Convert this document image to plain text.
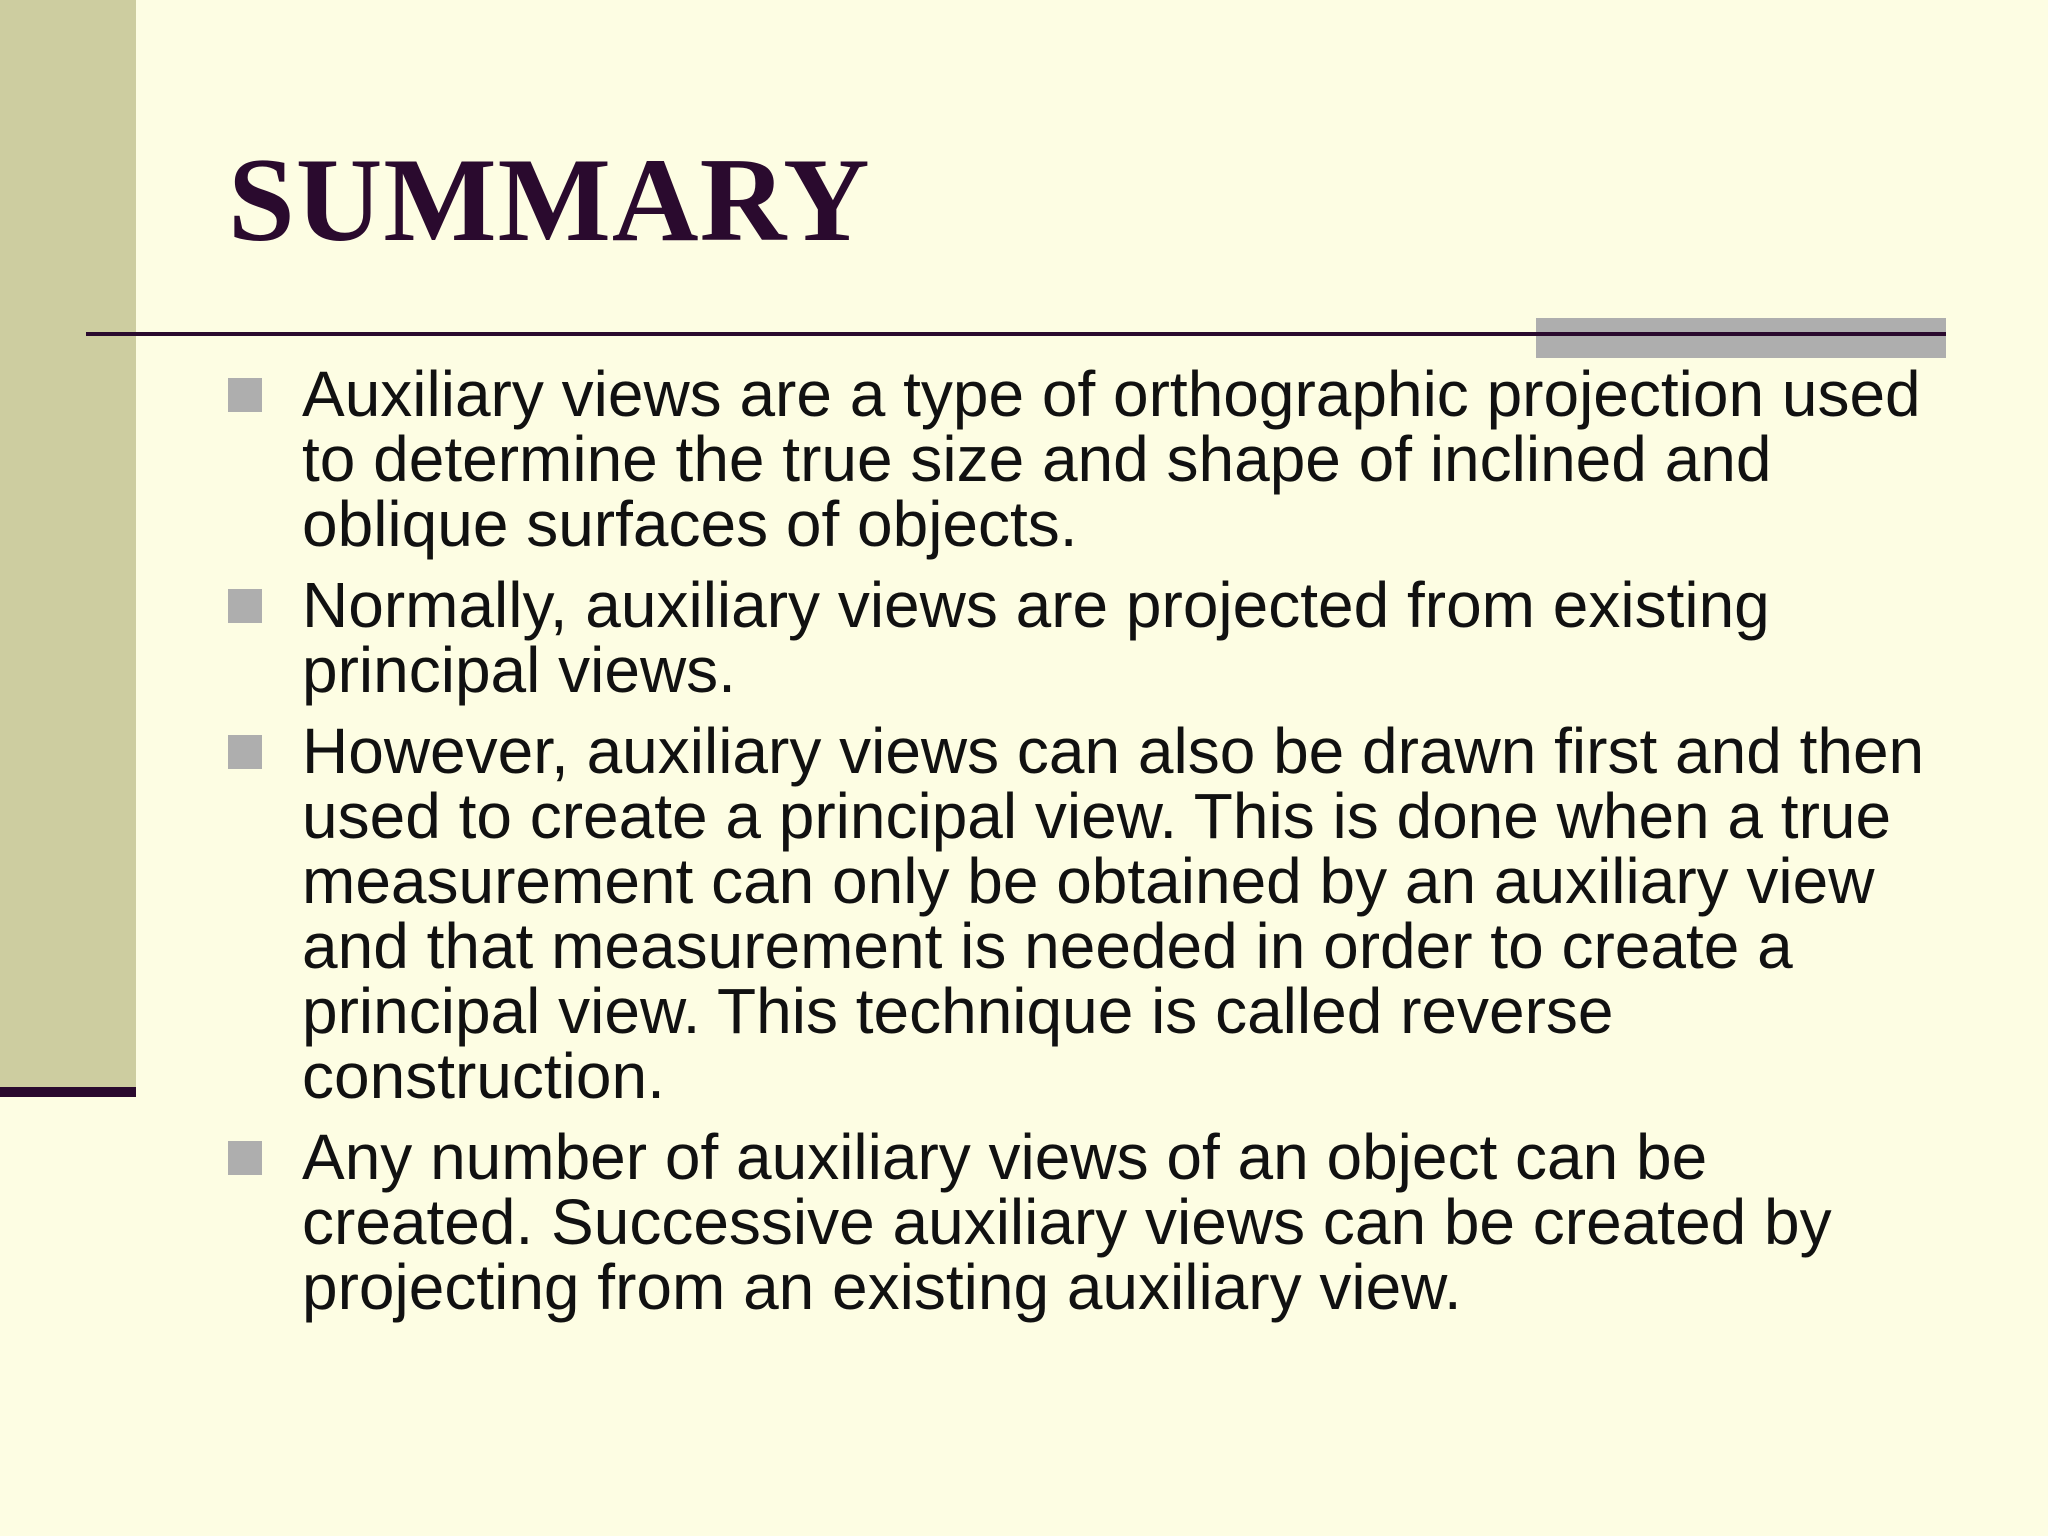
SUMMARY
Auxiliary views are a type of orthographic projection used to determine the true size and shape of inclined and oblique surfaces of objects.
Normally, auxiliary views are projected from existing principal views.
However, auxiliary views can also be drawn first and then used to create a principal view. This is done when a true measurement can only be obtained by an auxiliary view and that measurement is needed in order to create a principal view. This technique is called reverse construction.
Any number of auxiliary views of an object can be created. Successive auxiliary views can be created by projecting from an existing auxiliary view.
